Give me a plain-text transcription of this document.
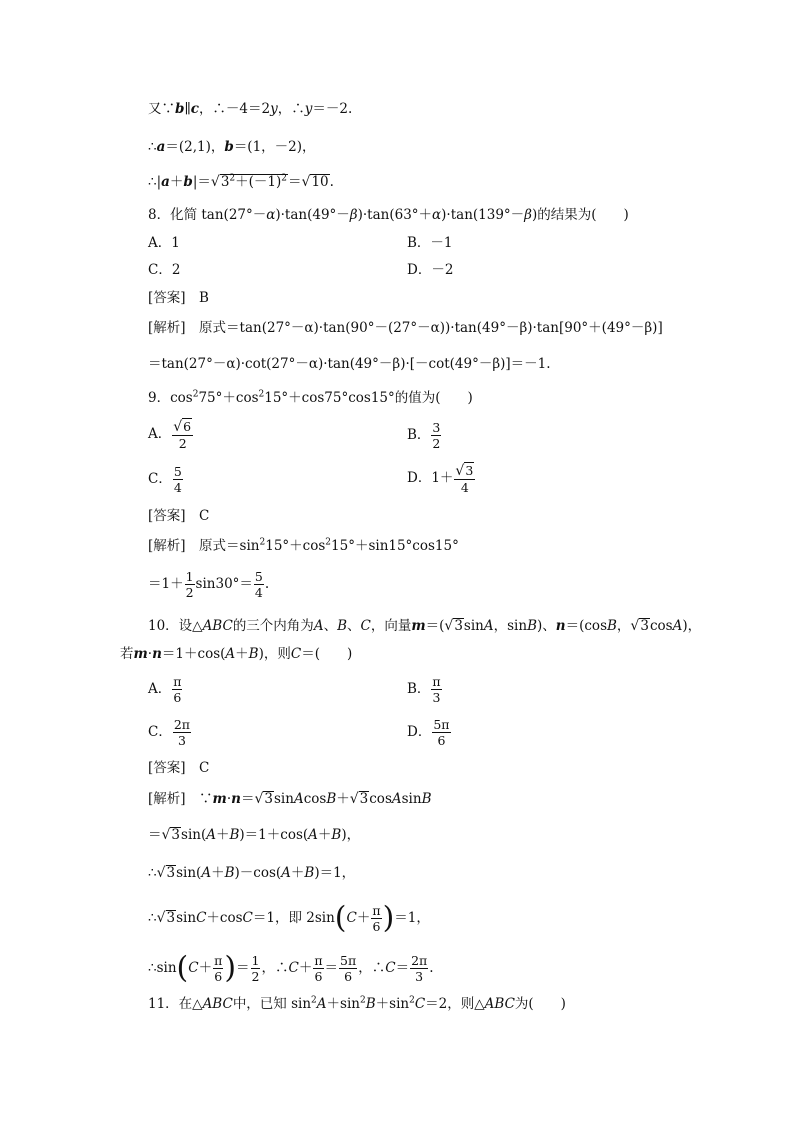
又∵b∥c，∴－4＝2y，∴y＝－2.
∴a＝(2,1)，b＝(1，－2)，
$\therefore|a+b|=√3^2+(-1)^2=√10$.
8．化简 tan(27°－α)·tan(49°－β)·tan(63°＋α)·tan(139°－β)的结果为(　　)
A．1	B．－1
C．2	D．－2
[答案]　 B
[解析]　 原式＝tan(27°－α)·tan(90°－(27°－α))·tan(49°－β)·tan[90°＋(49°－β)]
＝tan(27°－α)·cot(27°－α)·tan(49°－β)·[－cot(49°－β)]＝－1.
9．$\cos^275^\circ+\cos^215^\circ+\cos 75^\circ\cos 15^\circ$的值为(　　)
A． $\frac{√6}{2}$	B． $\frac{3}{2}$
C． $\frac{5}{4}$	D．$1+ \frac{√3}{4}$
[答案]　 C
[解析]　 原式$=\sin^215^\circ+\cos^215^\circ+\sin 15^\circ\cos 15^\circ$
$=1+ \frac{1}{2} \sin 30^\circ= \frac{5}{4}$ .
10．设△ABC的三个内角为A、B、C，向量m＝(√3sinA，sinB)、n＝(cosB，√3cosA)，
若m·n＝1＋cos(A＋B)，则C＝(　　)
A． $\frac{\pi}{6}$	B． $\frac{\pi}{3}$
C． $\frac{2\pi}{3}$	D． $\frac{5\pi}{6}$
[答案]　 C
[解析]　 ∵m·n＝√3sinAcosB＋√3cosAsinB
＝√3sin(A＋B)＝1＋cos(A＋B)，
∴√3sin(A＋B)－cos(A＋B)＝1，
∴√3sinC＋cosC＝1，即 $2\sin(C+ \frac{\pi}{6} )=1$，
∴sin(C＋ $\frac{\pi}{6}$ )＝ $\frac{1}{2}$ ，∴C＋ $\frac{\pi}{6} = \frac{5\pi}{6}$ ，∴C＝ $\frac{2\pi}{3}$ .
11．在△ABC中，已知 $\sin^2A+\sin^2B+\sin^2C=2$，则△ABC为(　　)
